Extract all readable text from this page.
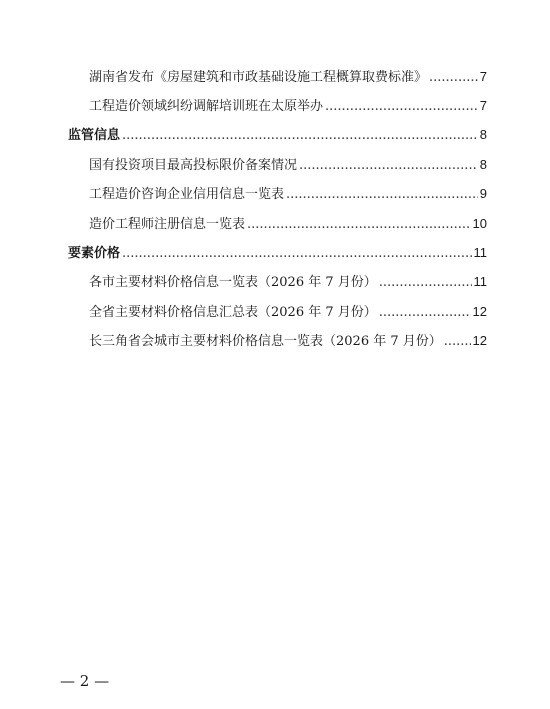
湖南省发布《房屋建筑和市政基础设施工程概算取费标准》 .....	7
工程造价领域纠纷调解培训班在太原举办 .....	7
监管信息 .....	8
国有投资项目最高投标限价备案情况 .....	8
工程造价咨询企业信用信息一览表 .....	9
造价工程师注册信息一览表 .....	10
要素价格 .....	11
各市主要材料价格信息一览表（2026 年 7 月份） .....	11
全省主要材料价格信息汇总表（2026 年 7 月份） .....	12
长三角省会城市主要材料价格信息一览表（2026 年 7 月份） ..... 12
— 2 —
